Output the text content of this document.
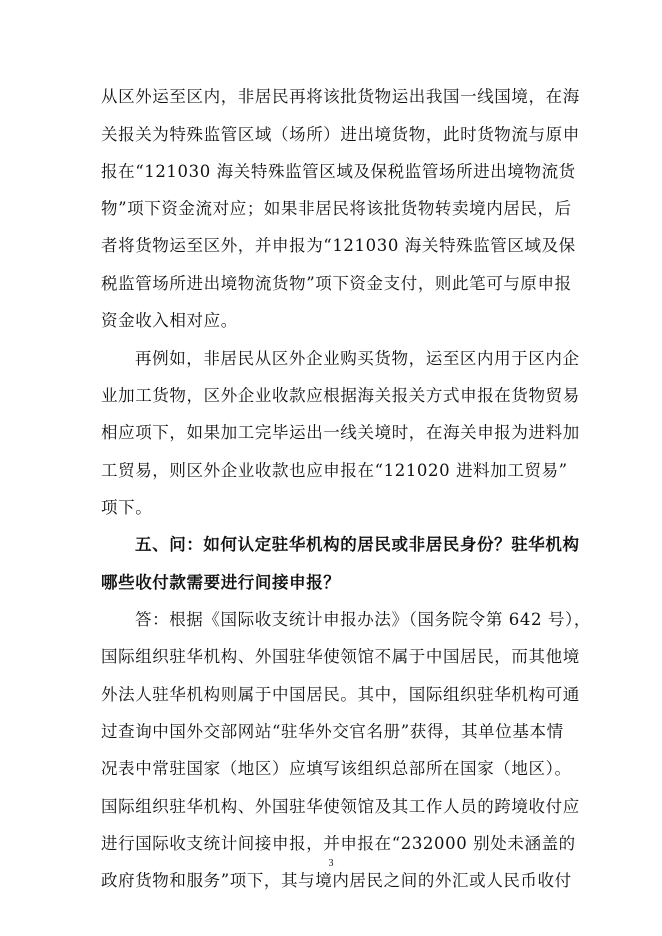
从区外运至区内，非居民再将该批货物运出我国一线国境，在海
关报关为特殊监管区域（场所）进出境货物，此时货物流与原申
报在“121030 海关特殊监管区域及保税监管场所进出境物流货
物”项下资金流对应；如果非居民将该批货物转卖境内居民，后
者将货物运至区外，并申报为“121030 海关特殊监管区域及保
税监管场所进出境物流货物”项下资金支付，则此笔可与原申报
资金收入相对应。
再例如，非居民从区外企业购买货物，运至区内用于区内企
业加工货物，区外企业收款应根据海关报关方式申报在货物贸易
相应项下，如果加工完毕运出一线关境时，在海关申报为进料加
工贸易，则区外企业收款也应申报在“121020 进料加工贸易”
项下。
五、问：如何认定驻华机构的居民或非居民身份？驻华机构
哪些收付款需要进行间接申报？
答：根据《国际收支统计申报办法》（国务院令第 642 号），
国际组织驻华机构、外国驻华使领馆不属于中国居民，而其他境
外法人驻华机构则属于中国居民。其中，国际组织驻华机构可通
过查询中国外交部网站“驻华外交官名册”获得，其单位基本情
况表中常驻国家（地区）应填写该组织总部所在国家（地区）。
国际组织驻华机构、外国驻华使领馆及其工作人员的跨境收付应
进行国际收支统计间接申报，并申报在“232000 别处未涵盖的
政府货物和服务”项下，其与境内居民之间的外汇或人民币收付
3
